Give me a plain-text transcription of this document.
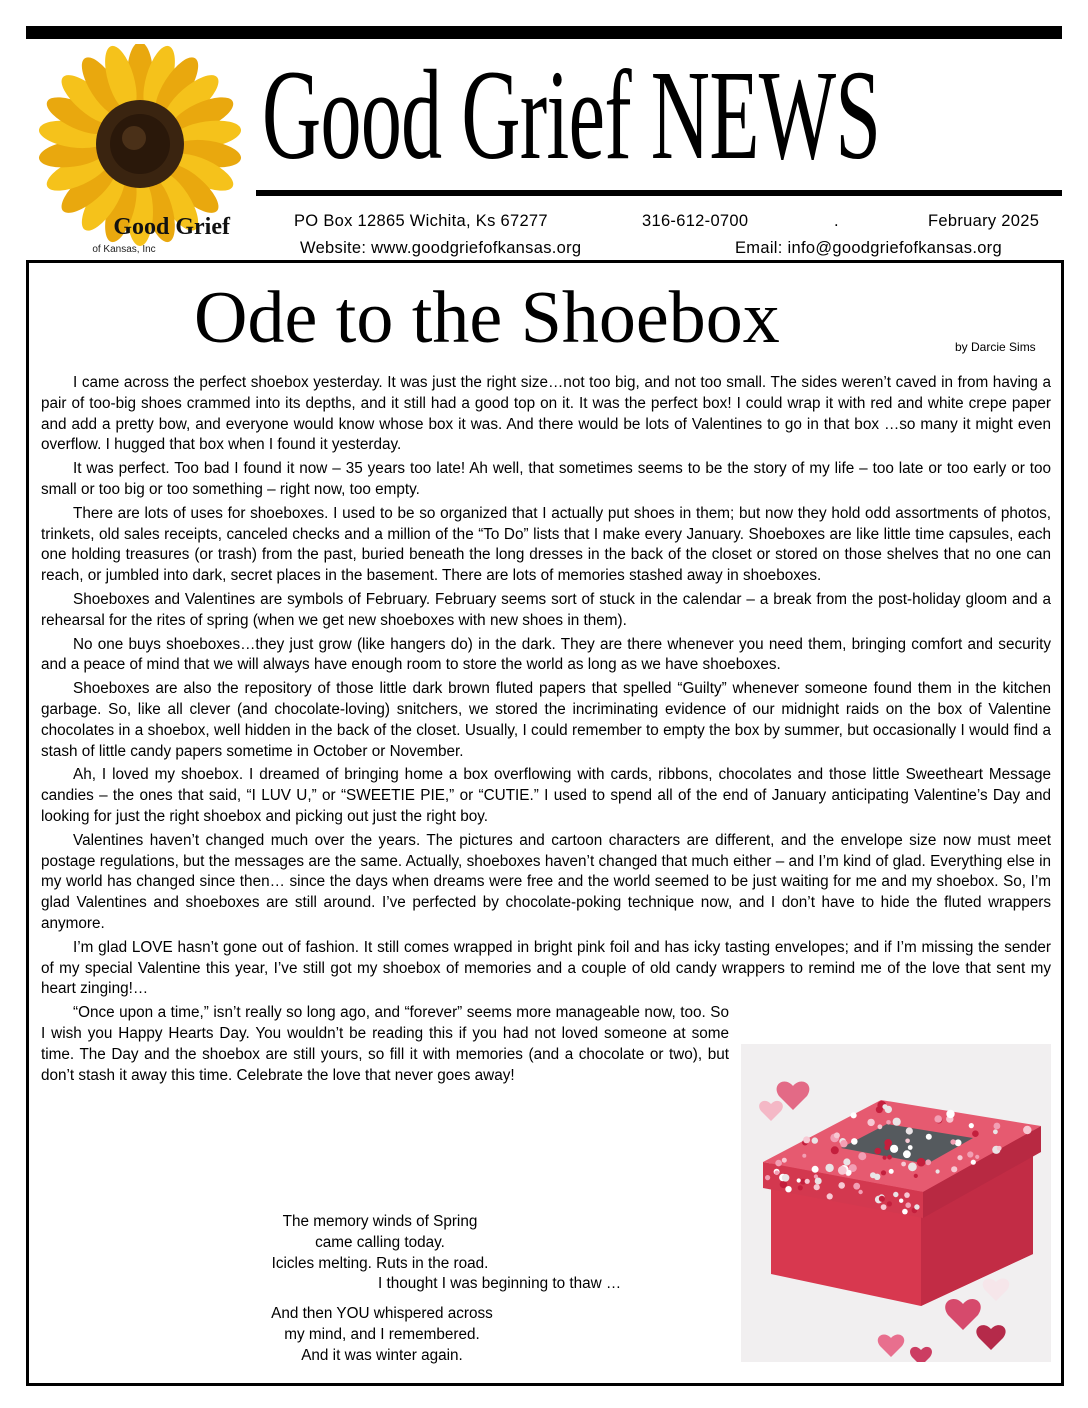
Good Grief
of Kansas, Inc
Good Grief NEWS
PO Box 12865 Wichita, Ks 67277	316-612-0700	.	February 2025
Website: www.goodgriefofkansas.org	Email: info@goodgriefofkansas.org
Ode to the Shoebox	by Darcie Sims

I came across the perfect shoebox yesterday. It was just the right size…not too big, and not too small. The sides weren’t caved in from having a pair of too-big shoes crammed into its depths, and it still had a good top on it. It was the perfect box! I could wrap it with red and white crepe paper and add a pretty bow, and everyone would know whose box it was. And there would be lots of Valentines to go in that box …so many it might even overflow. I hugged that box when I found it yesterday.

It was perfect. Too bad I found it now – 35 years too late! Ah well, that sometimes seems to be the story of my life – too late or too early or too small or too big or too something – right now, too empty.

There are lots of uses for shoeboxes. I used to be so organized that I actually put shoes in them; but now they hold odd assortments of photos, trinkets, old sales receipts, canceled checks and a million of the “To Do” lists that I make every January. Shoeboxes are like little time capsules, each one holding treasures (or trash) from the past, buried beneath the long dresses in the back of the closet or stored on those shelves that no one can reach, or jumbled into dark, secret places in the basement. There are lots of memories stashed away in shoeboxes.

Shoeboxes and Valentines are symbols of February. February seems sort of stuck in the calendar – a break from the post-holiday gloom and a rehearsal for the rites of spring (when we get new shoeboxes with new shoes in them).

No one buys shoeboxes…they just grow (like hangers do) in the dark. They are there whenever you need them, bringing comfort and security and a peace of mind that we will always have enough room to store the world as long as we have shoeboxes.

Shoeboxes are also the repository of those little dark brown fluted papers that spelled “Guilty” whenever someone found them in the kitchen garbage. So, like all clever (and chocolate-loving) snitchers, we stored the incriminating evidence of our midnight raids on the box of Valentine chocolates in a shoebox, well hidden in the back of the closet. Usually, I could remember to empty the box by summer, but occasionally I would find a stash of little candy papers sometime in October or November.

Ah, I loved my shoebox. I dreamed of bringing home a box overflowing with cards, ribbons, chocolates and those little Sweetheart Message candies – the ones that said, “I LUV U,” or “SWEETIE PIE,” or “CUTIE.” I used to spend all of the end of January anticipating Valentine’s Day and looking for just the right shoebox and picking out just the right boy.

Valentines haven’t changed much over the years. The pictures and cartoon characters are different, and the envelope size now must meet postage regulations, but the messages are the same. Actually, shoeboxes haven’t changed that much either – and I’m kind of glad. Everything else in my world has changed since then… since the days when dreams were free and the world seemed to be just waiting for me and my shoebox. So, I’m glad Valentines and shoeboxes are still around. I’ve perfected by chocolate-poking technique now, and I don’t have to hide the fluted wrappers anymore.

I’m glad LOVE hasn’t gone out of fashion. It still comes wrapped in bright pink foil and has icky tasting envelopes; and if I’m missing the sender of my special Valentine this year, I’ve still got my shoebox of memories and a couple of old candy wrappers to remind me of the love that sent my heart zinging!…

“Once upon a time,” isn’t really so long ago, and “forever” seems more manageable now, too. So I wish you Happy Hearts Day. You wouldn’t be reading this if you had not loved someone at some time. The Day and the shoebox are still yours, so fill it with memories (and a chocolate or two), but don’t stash it away this time. Celebrate the love that never goes away!

The memory winds of Spring
came calling today.
Icicles melting. Ruts in the road.
I thought I was beginning to thaw …
And then YOU whispered across
my mind, and I remembered.
And it was winter again.
